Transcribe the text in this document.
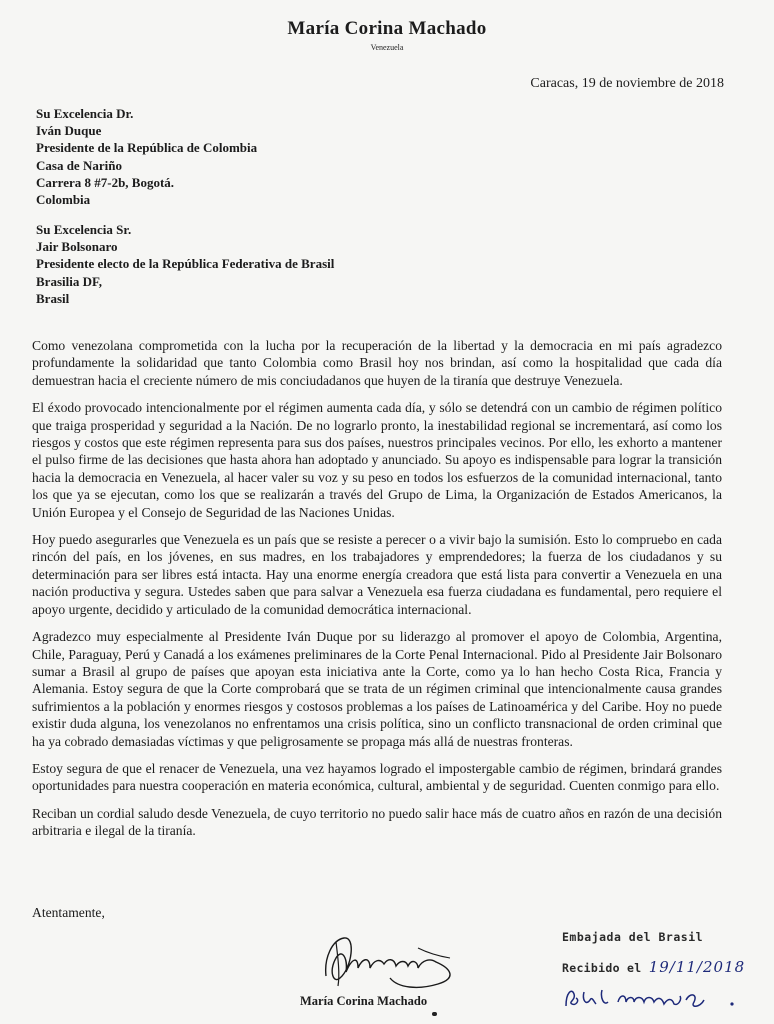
María Corina Machado
Venezuela
Caracas, 19 de noviembre de 2018
Su Excelencia Dr.
Iván Duque
Presidente de la República de Colombia
Casa de Nariño
Carrera 8 #7-2b, Bogotá.
Colombia
Su Excelencia Sr.
Jair Bolsonaro
Presidente electo de la República Federativa de Brasil
Brasilia DF,
Brasil

Como venezolana comprometida con la lucha por la recuperación de la libertad y la democracia en mi país agradezco profundamente la solidaridad que tanto Colombia como Brasil hoy nos brindan, así como la hospitalidad que cada día demuestran hacia el creciente número de mis conciudadanos que huyen de la tiranía que destruye Venezuela.

El éxodo provocado intencionalmente por el régimen aumenta cada día, y sólo se detendrá con un cambio de régimen político que traiga prosperidad y seguridad a la Nación. De no lograrlo pronto, la inestabilidad regional se incrementará, así como los riesgos y costos que este régimen representa para sus dos países, nuestros principales vecinos. Por ello, les exhorto a mantener el pulso firme de las decisiones que hasta ahora han adoptado y anunciado. Su apoyo es indispensable para lograr la transición hacia la democracia en Venezuela, al hacer valer su voz y su peso en todos los esfuerzos de la comunidad internacional, tanto los que ya se ejecutan, como los que se realizarán a través del Grupo de Lima, la Organización de Estados Americanos, la Unión Europea y el Consejo de Seguridad de las Naciones Unidas.

Hoy puedo asegurarles que Venezuela es un país que se resiste a perecer o a vivir bajo la sumisión. Esto lo compruebo en cada rincón del país, en los jóvenes, en sus madres, en los trabajadores y emprendedores; la fuerza de los ciudadanos y su determinación para ser libres está intacta. Hay una enorme energía creadora que está lista para convertir a Venezuela en una nación productiva y segura. Ustedes saben que para salvar a Venezuela esa fuerza ciudadana es fundamental, pero requiere el apoyo urgente, decidido y articulado de la comunidad democrática internacional.

Agradezco muy especialmente al Presidente Iván Duque por su liderazgo al promover el apoyo de Colombia, Argentina, Chile, Paraguay, Perú y Canadá a los exámenes preliminares de la Corte Penal Internacional. Pido al Presidente Jair Bolsonaro sumar a Brasil al grupo de países que apoyan esta iniciativa ante la Corte, como ya lo han hecho Costa Rica, Francia y Alemania. Estoy segura de que la Corte comprobará que se trata de un régimen criminal que intencionalmente causa grandes sufrimientos a la población y enormes riesgos y costosos problemas a los países de Latinoamérica y del Caribe. Hoy no puede existir duda alguna, los venezolanos no enfrentamos una crisis política, sino un conflicto transnacional de orden criminal que ha ya cobrado demasiadas víctimas y que peligrosamente se propaga más allá de nuestras fronteras.

Estoy segura de que el renacer de Venezuela, una vez hayamos logrado el impostergable cambio de régimen, brindará grandes oportunidades para nuestra cooperación en materia económica, cultural, ambiental y de seguridad. Cuenten conmigo para ello.

Reciban un cordial saludo desde Venezuela, de cuyo territorio no puedo salir hace más de cuatro años en razón de una decisión arbitraria e ilegal de la tiranía.

Atentamente,
María Corina Machado
Embajada del Brasil
Recibido el 19/11/2018
